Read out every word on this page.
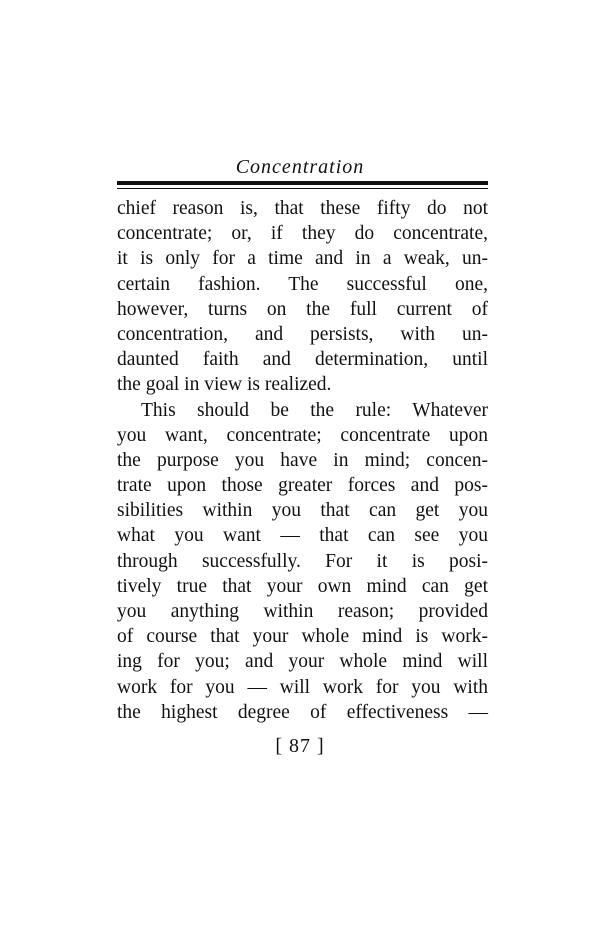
Concentration
chief reason is, that these fifty do not
concentrate; or, if they do concentrate,
it is only for a time and in a weak, un-
certain fashion. The successful one,
however, turns on the full current of
concentration, and persists, with un-
daunted faith and determination, until
the goal in view is realized.
This should be the rule: Whatever
you want, concentrate; concentrate upon
the purpose you have in mind; concen-
trate upon those greater forces and pos-
sibilities within you that can get you
what you want — that can see you
through successfully. For it is posi-
tively true that your own mind can get
you anything within reason; provided
of course that your whole mind is work-
ing for you; and your whole mind will
work for you — will work for you with
the highest degree of effectiveness —
[ 87 ]
